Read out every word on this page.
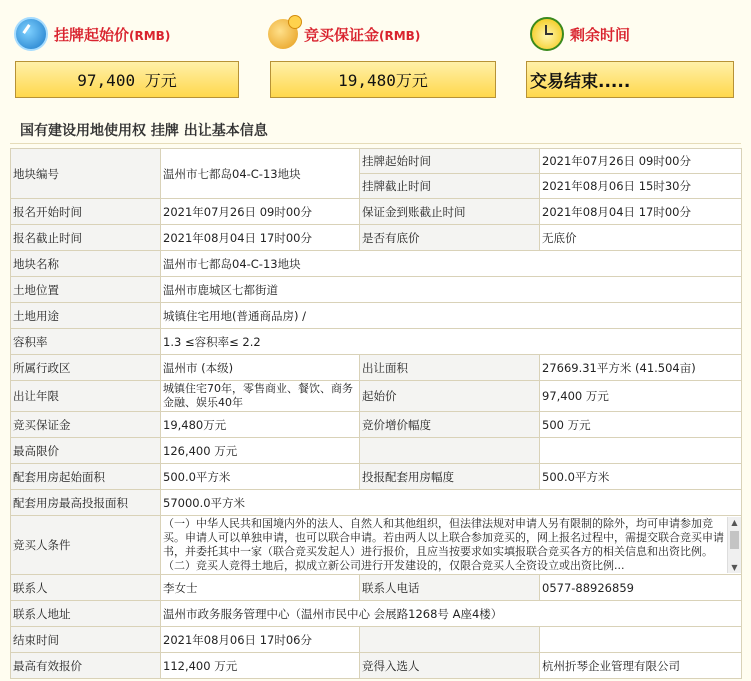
挂牌起始价(RMB)	竞买保证金(RMB)	剩余时间
97,400 万元	19,480万元	交易结束.....
国有建设用地使用权 挂牌 出让基本信息
地块编号	温州市七都岛04-C-13地块	挂牌起始时间	2021年07月26日 09时00分
		挂牌截止时间	2021年08月06日 15时30分
报名开始时间	2021年07月26日 09时00分	保证金到账截止时间	2021年08月04日 17时00分
报名截止时间	2021年08月04日 17时00分	是否有底价	无底价
地块名称	温州市七都岛04-C-13地块		
土地位置	温州市鹿城区七都街道		
土地用途	城镇住宅用地(普通商品房) /		
容积率	1.3 ≤容积率≤ 2.2		
所属行政区	温州市 (本级)	出让面积	27669.31平方米 (41.504亩)
出让年限	城镇住宅70年，零售商业、餐饮、商务金融、娱乐40年	起始价	97,400 万元
竞买保证金	19,480万元	竞价增价幅度	500 万元
最高限价	126,400 万元		
配套用房起始面积	500.0平方米	投报配套用房幅度	500.0平方米
配套用房最高投报面积	57000.0平方米		
竞买人条件	（一）中华人民共和国境内外的法人、自然人和其他组织，但法律法规对申请人另有限制的除外，均可申请参加竞买。申请人可以单独申请，也可以联合申请。若由两人以上联合参加竞买的，网上报名过程中，需提交联合竞买申请书，并委托其中一家（联合竞买发起人）进行报价，且应当按要求如实填报联合竞买各方的相关信息和出资比例。（二）竞买人竞得土地后，拟成立新公司进行开发建设的，仅限合竞买人全资设立或出资比例...
▲
▼		

联系人	李女士	联系人电话	0577-88926859
联系人地址	温州市政务服务管理中心（温州市民中心 会展路1268号 A座4楼）		
结束时间	2021年08月06日 17时06分		
最高有效报价	112,400 万元	竞得入选人	杭州折琴企业管理有限公司
